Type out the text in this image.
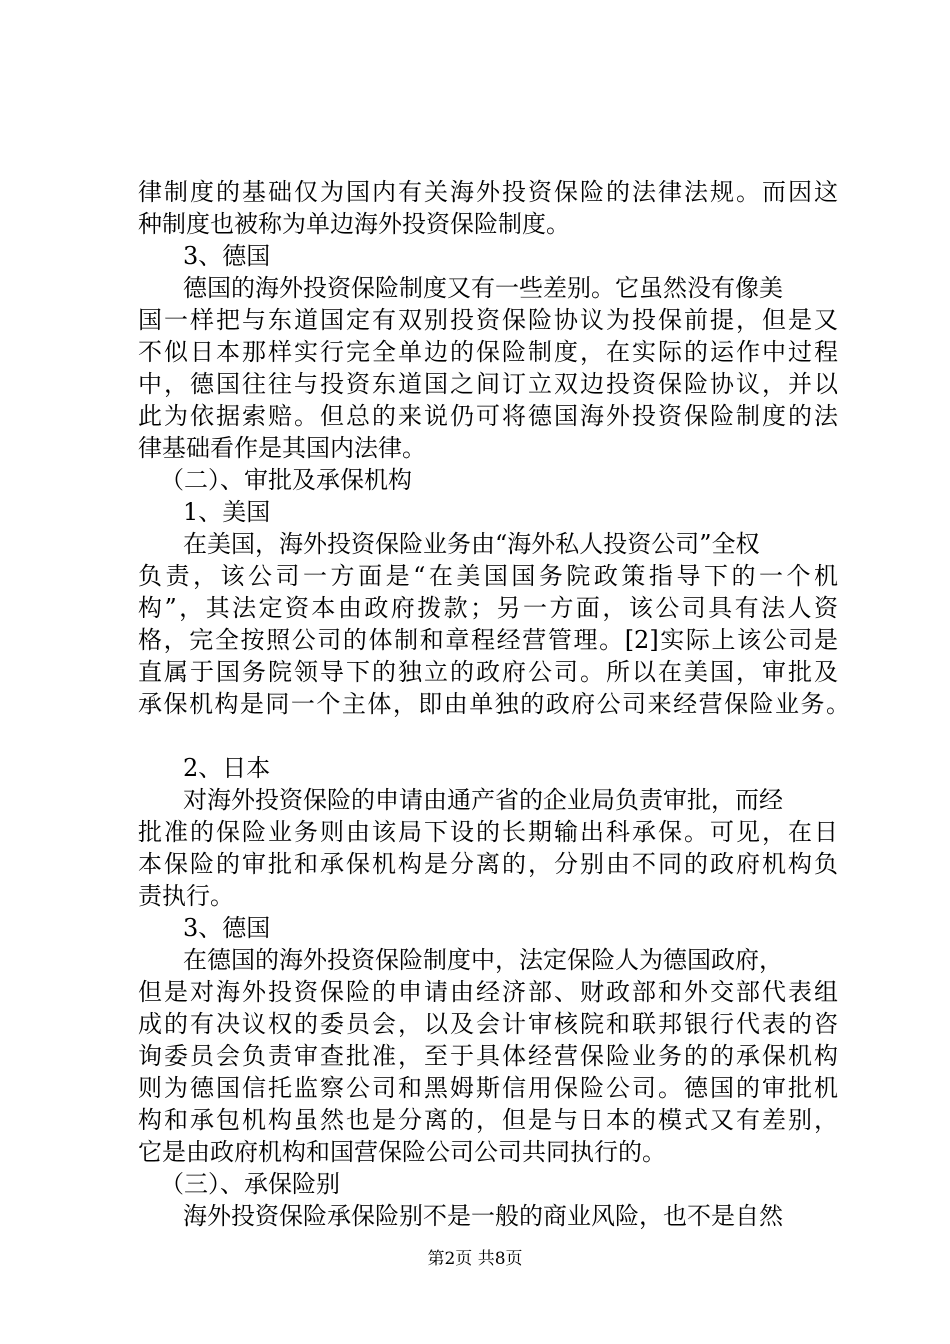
律制度的基础仅为国内有关海外投资保险的法律法规。而因这

种制度也被称为单边海外投资保险制度。

3、德国

德国的海外投资保险制度又有一些差别。它虽然没有像美

国一样把与东道国定有双别投资保险协议为投保前提，但是又

不似日本那样实行完全单边的保险制度，在实际的运作中过程

中，德国往往与投资东道国之间订立双边投资保险协议，并以

此为依据索赔。但总的来说仍可将德国海外投资保险制度的法

律基础看作是其国内法律。

（二）、审批及承保机构

1、美国

在美国，海外投资保险业务由“海外私人投资公司”全权

负责，该公司一方面是“在美国国务院政策指导下的一个机

构”，其法定资本由政府拨款；另一方面，该公司具有法人资

格，完全按照公司的体制和章程经营管理。[2]实际上该公司是

直属于国务院领导下的独立的政府公司。所以在美国，审批及

承保机构是同一个主体，即由单独的政府公司来经营保险业务。

2、日本

对海外投资保险的申请由通产省的企业局负责审批，而经

批准的保险业务则由该局下设的长期输出科承保。可见，在日

本保险的审批和承保机构是分离的，分别由不同的政府机构负

责执行。

3、德国

在德国的海外投资保险制度中，法定保险人为德国政府，

但是对海外投资保险的申请由经济部、财政部和外交部代表组

成的有决议权的委员会，以及会计审核院和联邦银行代表的咨

询委员会负责审查批准，至于具体经营保险业务的的承保机构

则为德国信托监察公司和黑姆斯信用保险公司。德国的审批机

构和承包机构虽然也是分离的，但是与日本的模式又有差别，

它是由政府机构和国营保险公司公司共同执行的。

（三）、承保险别

海外投资保险承保险别不是一般的商业风险，也不是自然

第2页 共8页
